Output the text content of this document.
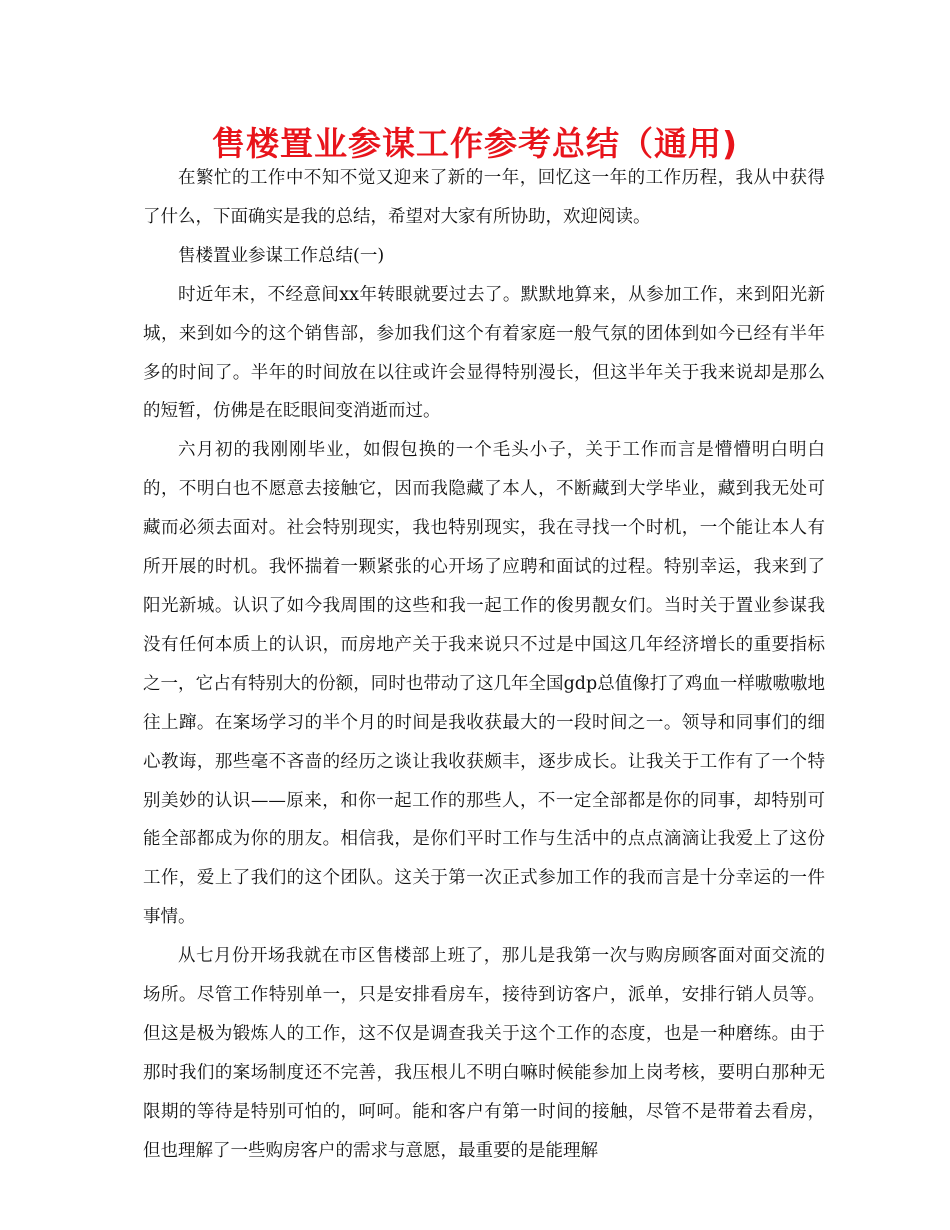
售楼置业参谋工作参考总结（通用)

在繁忙的工作中不知不觉又迎来了新的一年，回忆这一年的工作历程，我从中获得了什么，下面确实是我的总结，希望对大家有所协助，欢迎阅读。

售楼置业参谋工作总结(一)

时近年末，不经意间xx年转眼就要过去了。默默地算来，从参加工作，来到阳光新城，来到如今的这个销售部，参加我们这个有着家庭一般气氛的团体到如今已经有半年多的时间了。半年的时间放在以往或许会显得特别漫长，但这半年关于我来说却是那么的短暂，仿佛是在眨眼间变消逝而过。

六月初的我刚刚毕业，如假包换的一个毛头小子，关于工作而言是懵懵明白明白的，不明白也不愿意去接触它，因而我隐藏了本人，不断藏到大学毕业，藏到我无处可藏而必须去面对。社会特别现实，我也特别现实，我在寻找一个时机，一个能让本人有所开展的时机。我怀揣着一颗紧张的心开场了应聘和面试的过程。特别幸运，我来到了阳光新城。认识了如今我周围的这些和我一起工作的俊男靓女们。当时关于置业参谋我没有任何本质上的认识，而房地产关于我来说只不过是中国这几年经济增长的重要指标之一，它占有特别大的份额，同时也带动了这几年全国gdp总值像打了鸡血一样嗷嗷嗷地往上蹿。在案场学习的半个月的时间是我收获最大的一段时间之一。领导和同事们的细心教诲，那些毫不吝啬的经历之谈让我收获颇丰，逐步成长。让我关于工作有了一个特别美妙的认识——原来，和你一起工作的那些人，不一定全部都是你的同事，却特别可能全部都成为你的朋友。相信我，是你们平时工作与生活中的点点滴滴让我爱上了这份工作，爱上了我们的这个团队。这关于第一次正式参加工作的我而言是十分幸运的一件事情。

从七月份开场我就在市区售楼部上班了，那儿是我第一次与购房顾客面对面交流的场所。尽管工作特别单一，只是安排看房车，接待到访客户，派单，安排行销人员等。但这是极为锻炼人的工作，这不仅是调查我关于这个工作的态度，也是一种磨练。由于那时我们的案场制度还不完善，我压根儿不明白嘛时候能参加上岗考核，要明白那种无限期的等待是特别可怕的，呵呵。能和客户有第一时间的接触，尽管不是带着去看房，但也理解了一些购房客户的需求与意愿，最重要的是能理解
